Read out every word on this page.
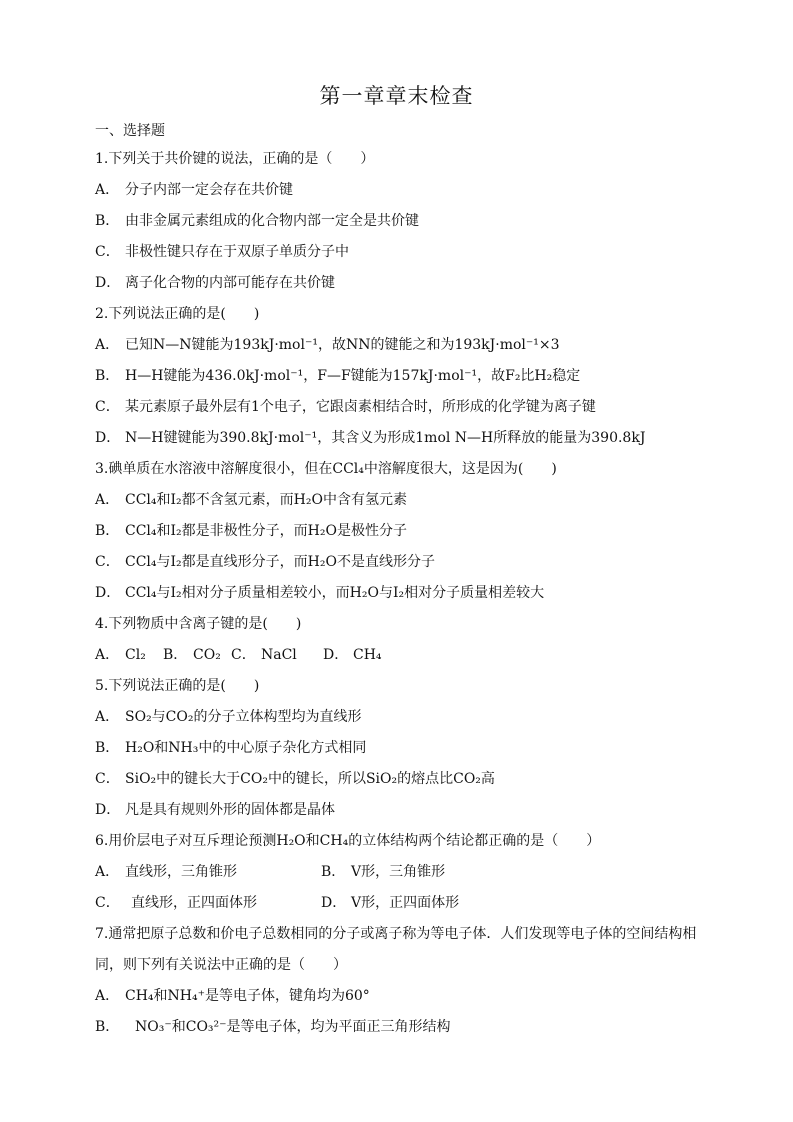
第一章章末检查
一、选择题
1.下列关于共价键的说法，正确的是（　　）
A． 分子内部一定会存在共价键
B． 由非金属元素组成的化合物内部一定全是共价键
C． 非极性键只存在于双原子单质分子中
D． 离子化合物的内部可能存在共价键
2.下列说法正确的是(　　)
A． 已知N—N键能为193kJ·mol⁻¹，故NN的键能之和为193kJ·mol⁻¹×3
B． H—H键能为436.0kJ·mol⁻¹，F—F键能为157kJ·mol⁻¹，故F₂比H₂稳定
C． 某元素原子最外层有1个电子，它跟卤素相结合时，所形成的化学键为离子键
D． N—H键键能为390.8kJ·mol⁻¹，其含义为形成1mol N—H所释放的能量为390.8kJ
3.碘单质在水溶液中溶解度很小，但在CCl₄中溶解度很大，这是因为(　　)
A． CCl₄和I₂都不含氢元素，而H₂O中含有氢元素
B． CCl₄和I₂都是非极性分子，而H₂O是极性分子
C． CCl₄与I₂都是直线形分子，而H₂O不是直线形分子
D． CCl₄与I₂相对分子质量相差较小，而H₂O与I₂相对分子质量相差较大
4.下列物质中含离子键的是(　　)
A． Cl₂ B． CO₂ C． NaCl D． CH₄
5.下列说法正确的是(　　)
A． SO₂与CO₂的分子立体构型均为直线形
B． H₂O和NH₃中的中心原子杂化方式相同
C． SiO₂中的键长大于CO₂中的键长，所以SiO₂的熔点比CO₂高
D． 凡是具有规则外形的固体都是晶体
6.用价层电子对互斥理论预测H₂O和CH₄的立体结构两个结论都正确的是（　　）
A． 直线形，三角锥形	B． V形，三角锥形
C． 直线形，正四面体形	D． V形，正四面体形
7.通常把原子总数和价电子总数相同的分子或离子称为等电子体．人们发现等电子体的空间结构相
同，则下列有关说法中正确的是（　　）
A． CH₄和NH₄⁺是等电子体，键角均为60°
B． NO₃⁻和CO₃²⁻是等电子体，均为平面正三角形结构
